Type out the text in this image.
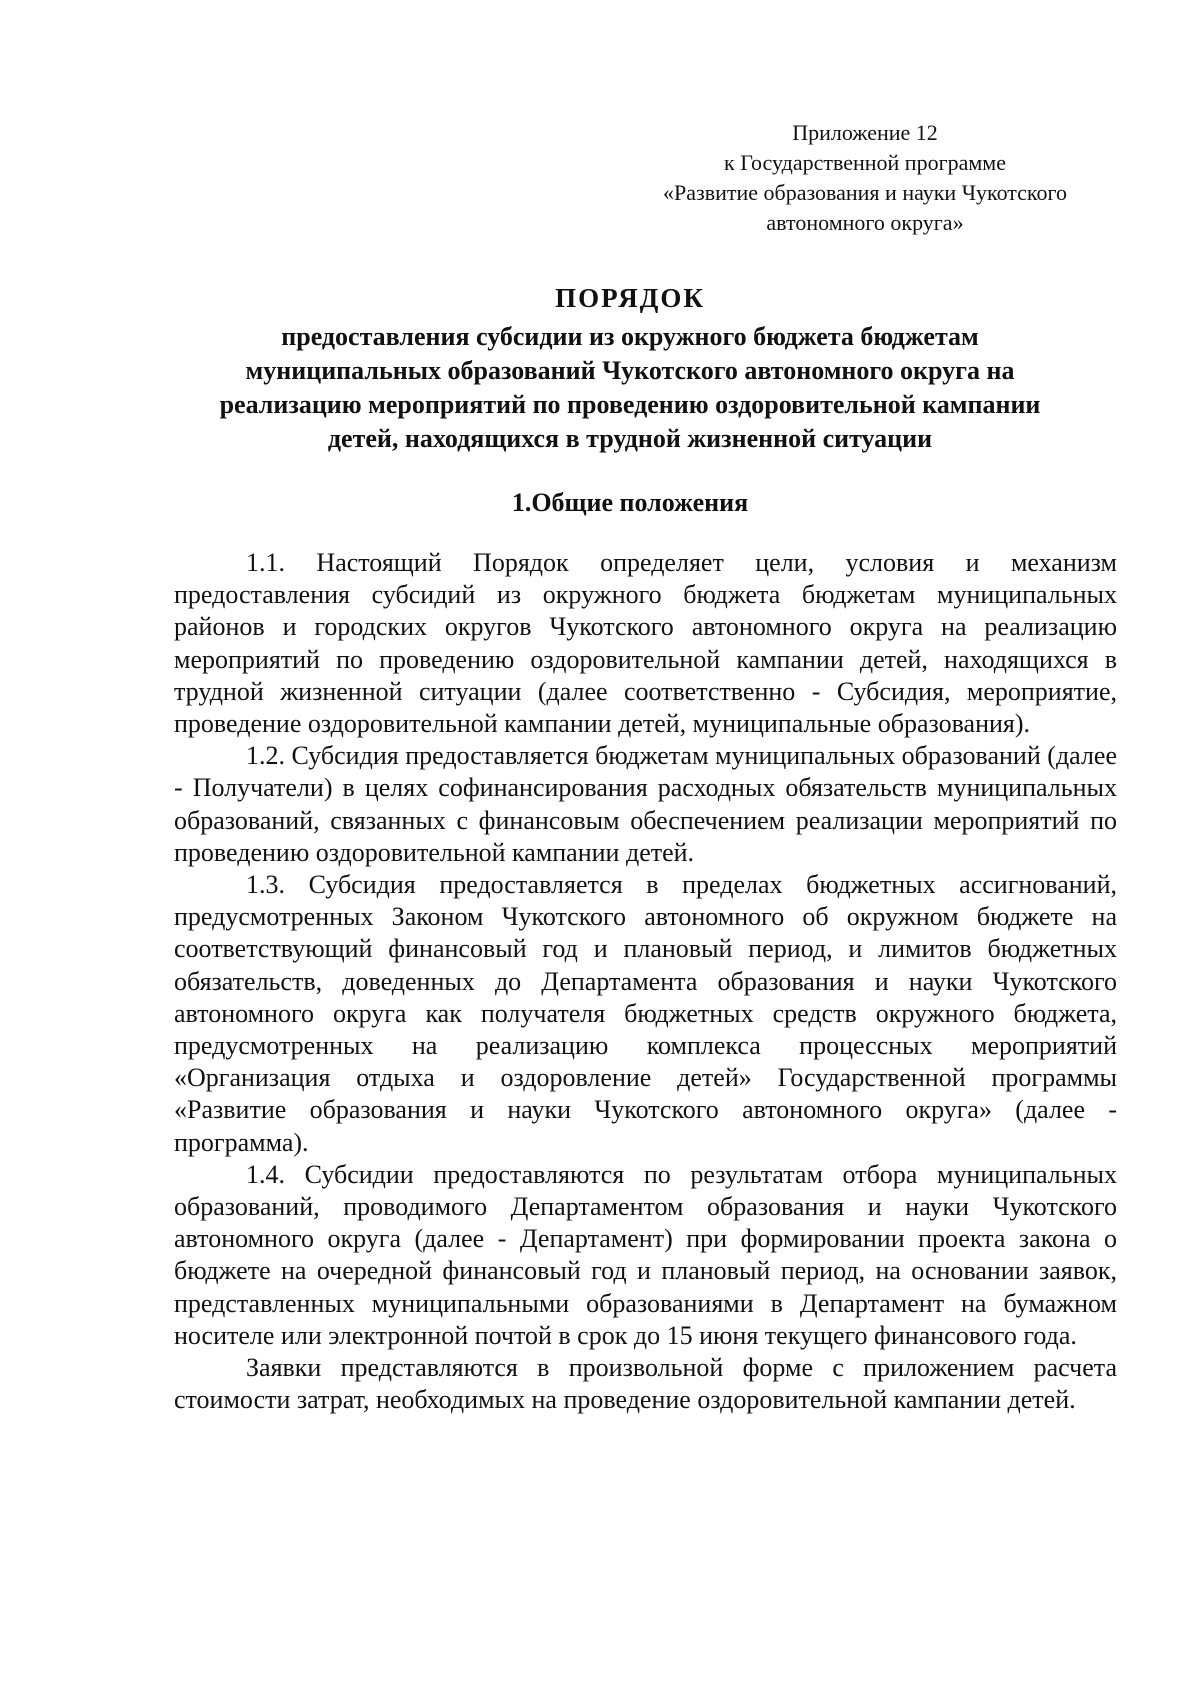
Приложение 12
к Государственной программе
«Развитие образования и науки Чукотского
автономного округа»
ПОРЯДОК
предоставления субсидии из окружного бюджета бюджетам
муниципальных образований Чукотского автономного округа на
реализацию мероприятий по проведению оздоровительной кампании
детей, находящихся в трудной жизненной ситуации
1.Общие положения

1.1. Настоящий Порядок определяет цели, условия и механизм предоставления субсидий из окружного бюджета бюджетам муниципальных районов и городских округов Чукотского автономного округа на реализацию мероприятий по проведению оздоровительной кампании детей, находящихся в трудной жизненной ситуации (далее соответственно - Субсидия, мероприятие, проведение оздоровительной кампании детей, муниципальные образования).

1.2. Субсидия предоставляется бюджетам муниципальных образований (далее - Получатели) в целях софинансирования расходных обязательств муниципальных образований, связанных с финансовым обеспечением реализации мероприятий по проведению оздоровительной кампании детей.

1.3. Субсидия предоставляется в пределах бюджетных ассигнований, предусмотренных Законом Чукотского автономного об окружном бюджете на соответствующий финансовый год и плановый период, и лимитов бюджетных обязательств, доведенных до Департамента образования и науки Чукотского автономного округа как получателя бюджетных средств окружного бюджета, предусмотренных на реализацию комплекса процессных мероприятий «Организация отдыха и оздоровление детей» Государственной программы «Развитие образования и науки Чукотского автономного округа» (далее - программа).

1.4. Субсидии предоставляются по результатам отбора муниципальных образований, проводимого Департаментом образования и науки Чукотского автономного округа (далее - Департамент) при формировании проекта закона о бюджете на очередной финансовый год и плановый период, на основании заявок, представленных муниципальными образованиями в Департамент на бумажном носителе или электронной почтой в срок до 15 июня текущего финансового года.

Заявки представляются в произвольной форме с приложением расчета стоимости затрат, необходимых на проведение оздоровительной кампании детей.
